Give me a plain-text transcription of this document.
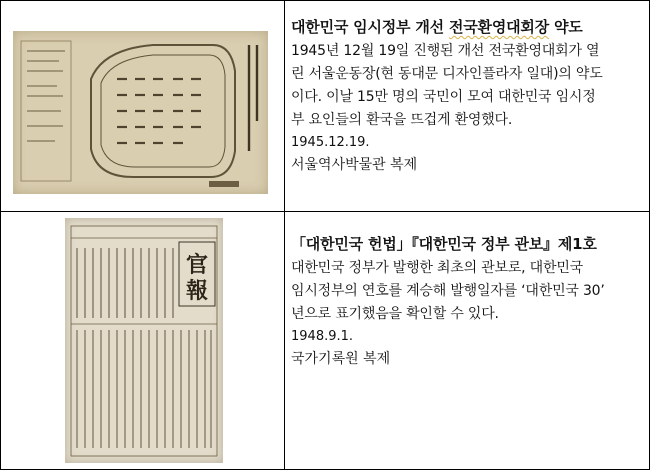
대한민국 임시정부 개선 전국환영대회장 약도

1945년 12월 19일 진행된 개선 전국환영대회가 열
린 서울운동장(현 동대문 디자인플라자 일대)의 약도
이다. 이날 15만 명의 국민이 모여 대한민국 임시정
부 요인들의 환국을 뜨겁게 환영했다.

1945.12.19.

서울역사박물관 복제

官
報

「대한민국 헌법」『대한민국 정부 관보』제1호

대한민국 정부가 발행한 최초의 관보로, 대한민국
임시정부의 연호를 계승해 발행일자를 ‘대한민국 30’
년으로 표기했음을 확인할 수 있다.

1948.9.1.

국가기록원 복제
